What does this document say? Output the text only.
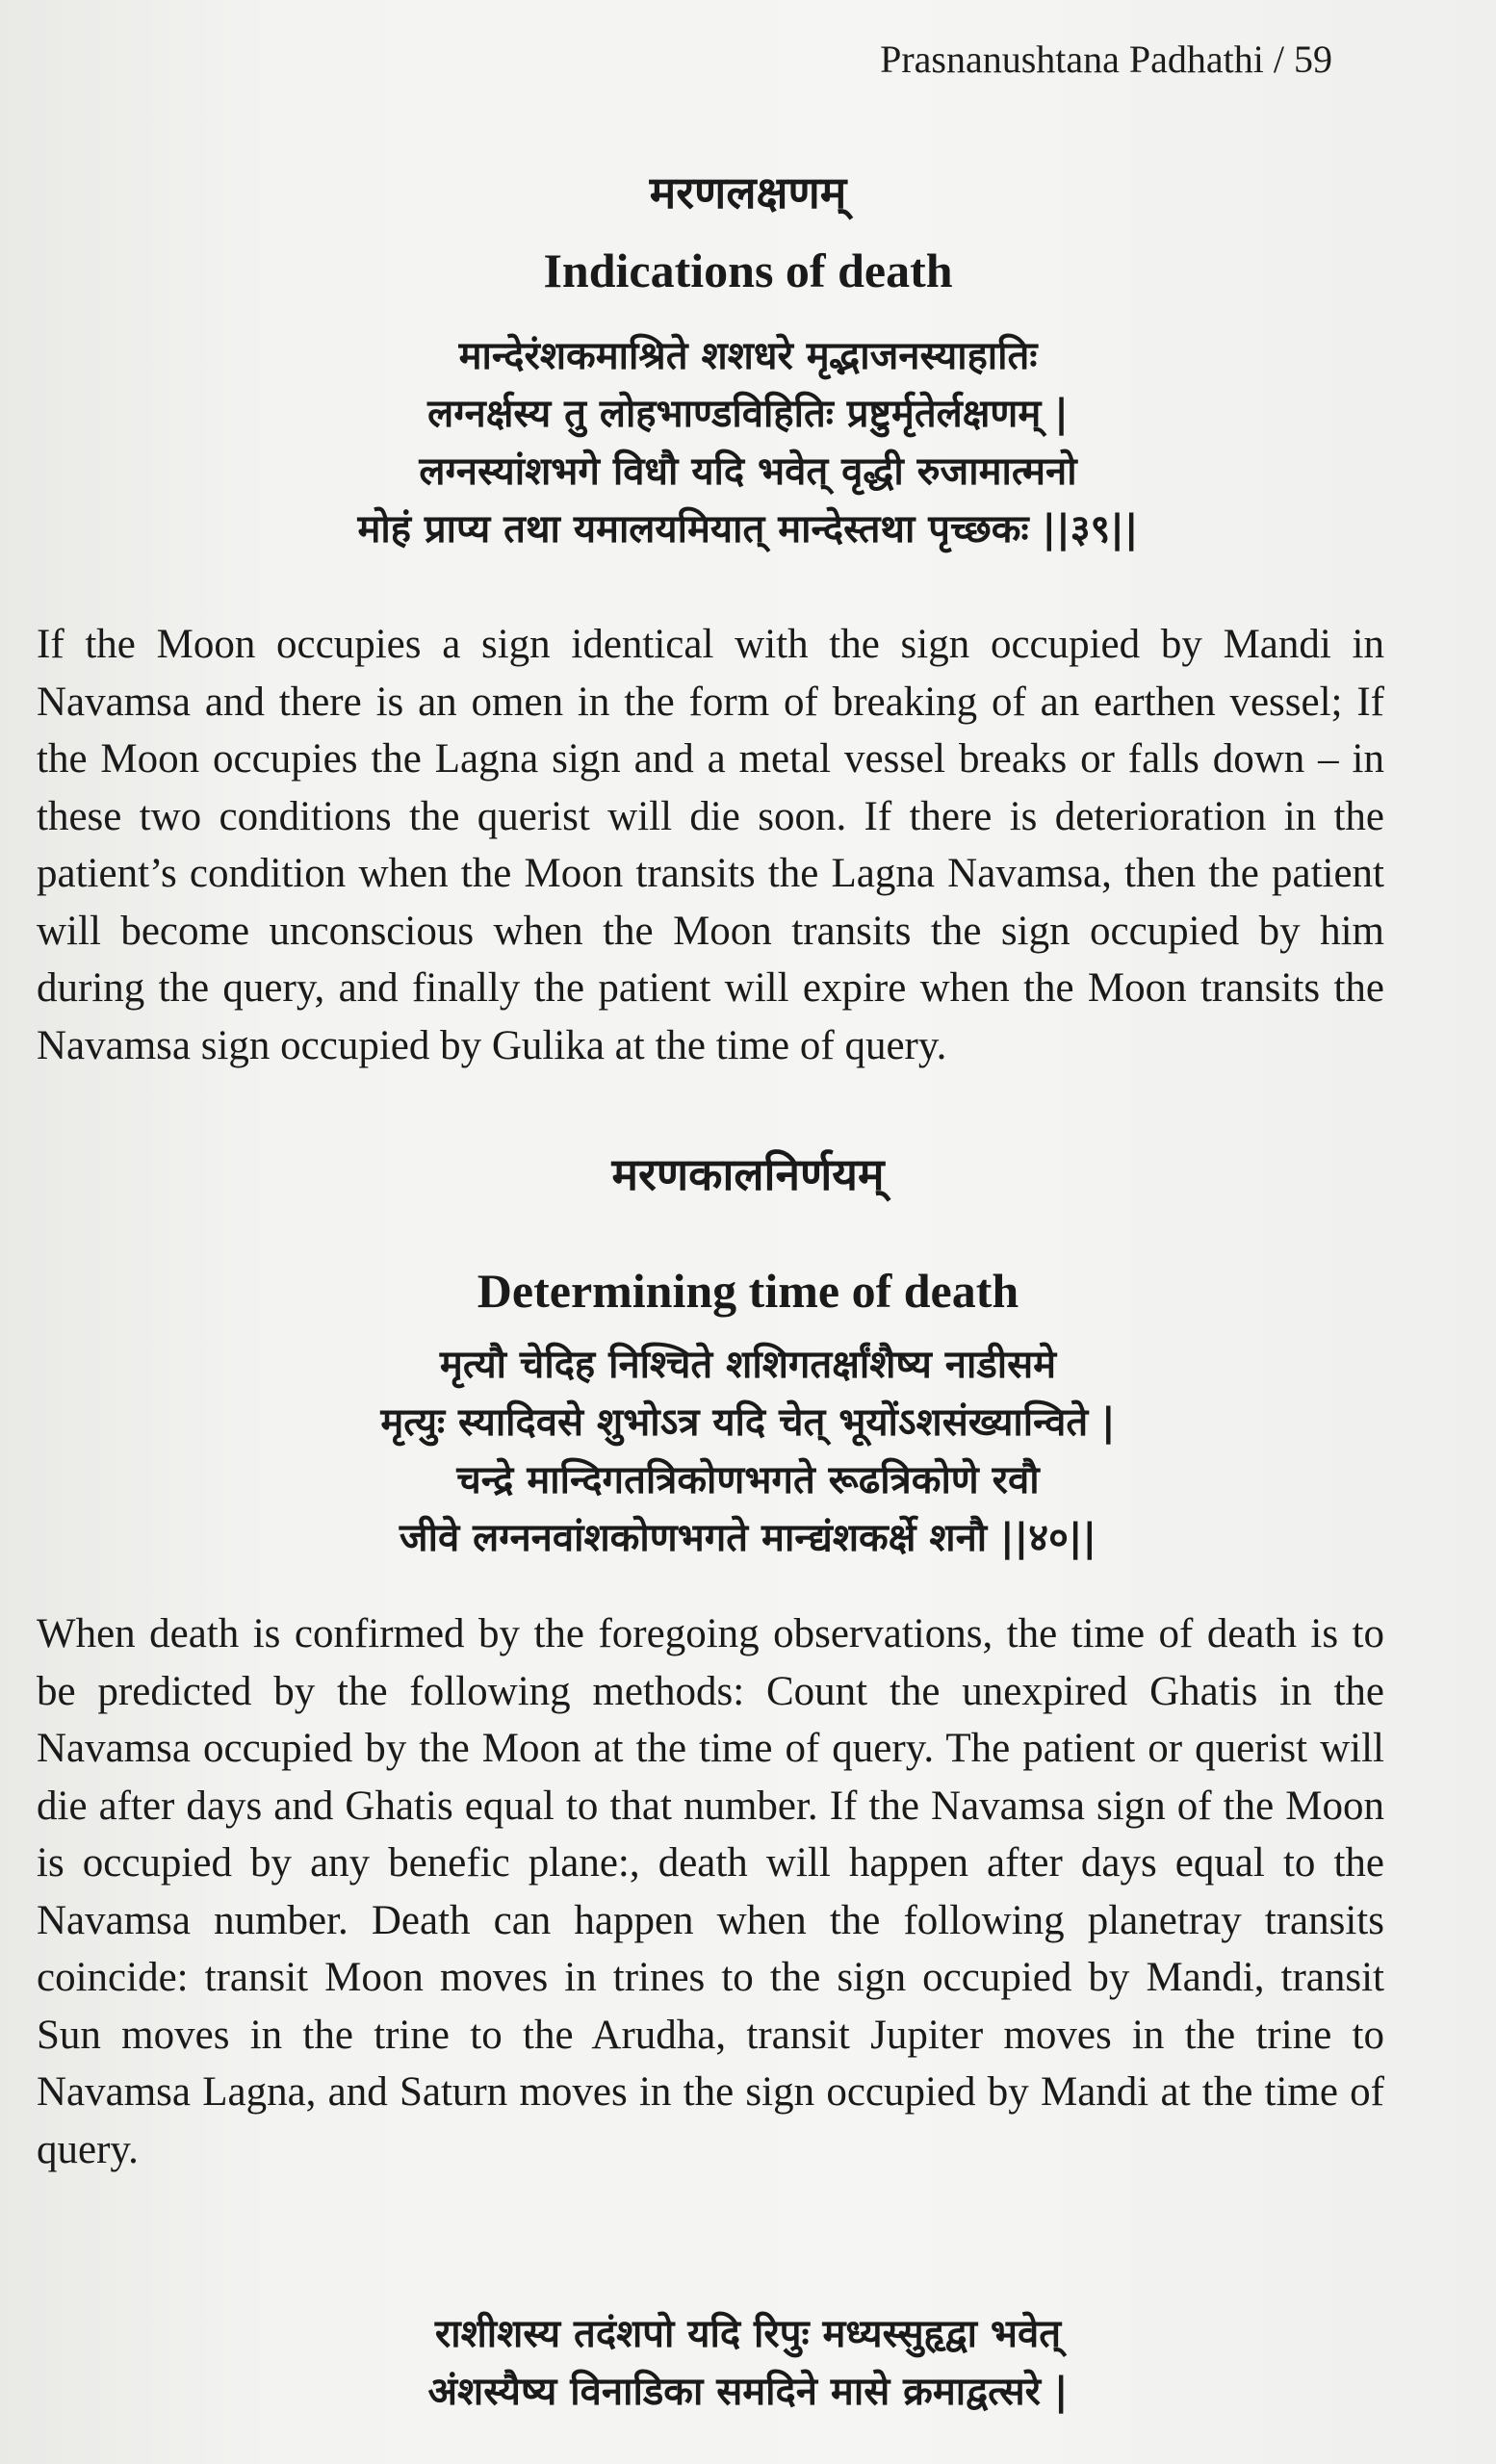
Prasnanushtana Padhathi / 59
मरणलक्षणम्
Indications of death
मान्देरंशकमाश्रिते शशधरे मृद्भाजनस्याहातिः
लग्नर्क्षस्य तु लोहभाण्डविहितिः प्रष्टुर्मृतेर्लक्षणम् |
लग्नस्यांशभगे विधौ यदि भवेत् वृद्धी रुजामात्मनो
मोहं प्राप्य तथा यमालयमियात् मान्देस्तथा पृच्छकः ||३९||

If the Moon occupies a sign identical with the sign occupied by Mandi in Navamsa and there is an omen in the form of breaking of an earthen vessel; If the Moon occupies the Lagna sign and a metal vessel breaks or falls down – in these two conditions the querist will die soon. If there is deterioration in the patient’s condition when the Moon transits the Lagna Navamsa, then the patient will become unconscious when the Moon transits the sign occupied by him during the query, and finally the patient will expire when the Moon transits the Navamsa sign occupied by Gulika at the time of query.

मरणकालनिर्णयम्
Determining time of death
मृत्यौ चेदिह निश्चिते शशिगतर्क्षांशैष्य नाडीसमे
मृत्युः स्यादिवसे शुभोऽत्र यदि चेत् भूयोंऽशसंख्यान्विते |
चन्द्रे मान्दिगतत्रिकोणभगते रूढत्रिकोणे रवौ
जीवे लग्ननवांशकोणभगते मान्द्यंशकर्क्षे शनौ ||४०||

When death is confirmed by the foregoing observations, the time of death is to be predicted by the following methods: Count the unexpired Ghatis in the Navamsa occupied by the Moon at the time of query. The patient or querist will die after days and Ghatis equal to that number. If the Navamsa sign of the Moon is occupied by any benefic plane:, death will happen after days equal to the Navamsa number. Death can happen when the following planetray transits coincide: transit Moon moves in trines to the sign occupied by Mandi, transit Sun moves in the trine to the Arudha, transit Jupiter moves in the trine to Navamsa Lagna, and Saturn moves in the sign occupied by Mandi at the time of query.

राशीशस्य तदंशपो यदि रिपुः मध्यस्सुहृद्वा भवेत्
अंशस्यैष्य विनाडिका समदिने मासे क्रमाद्वत्सरे |
